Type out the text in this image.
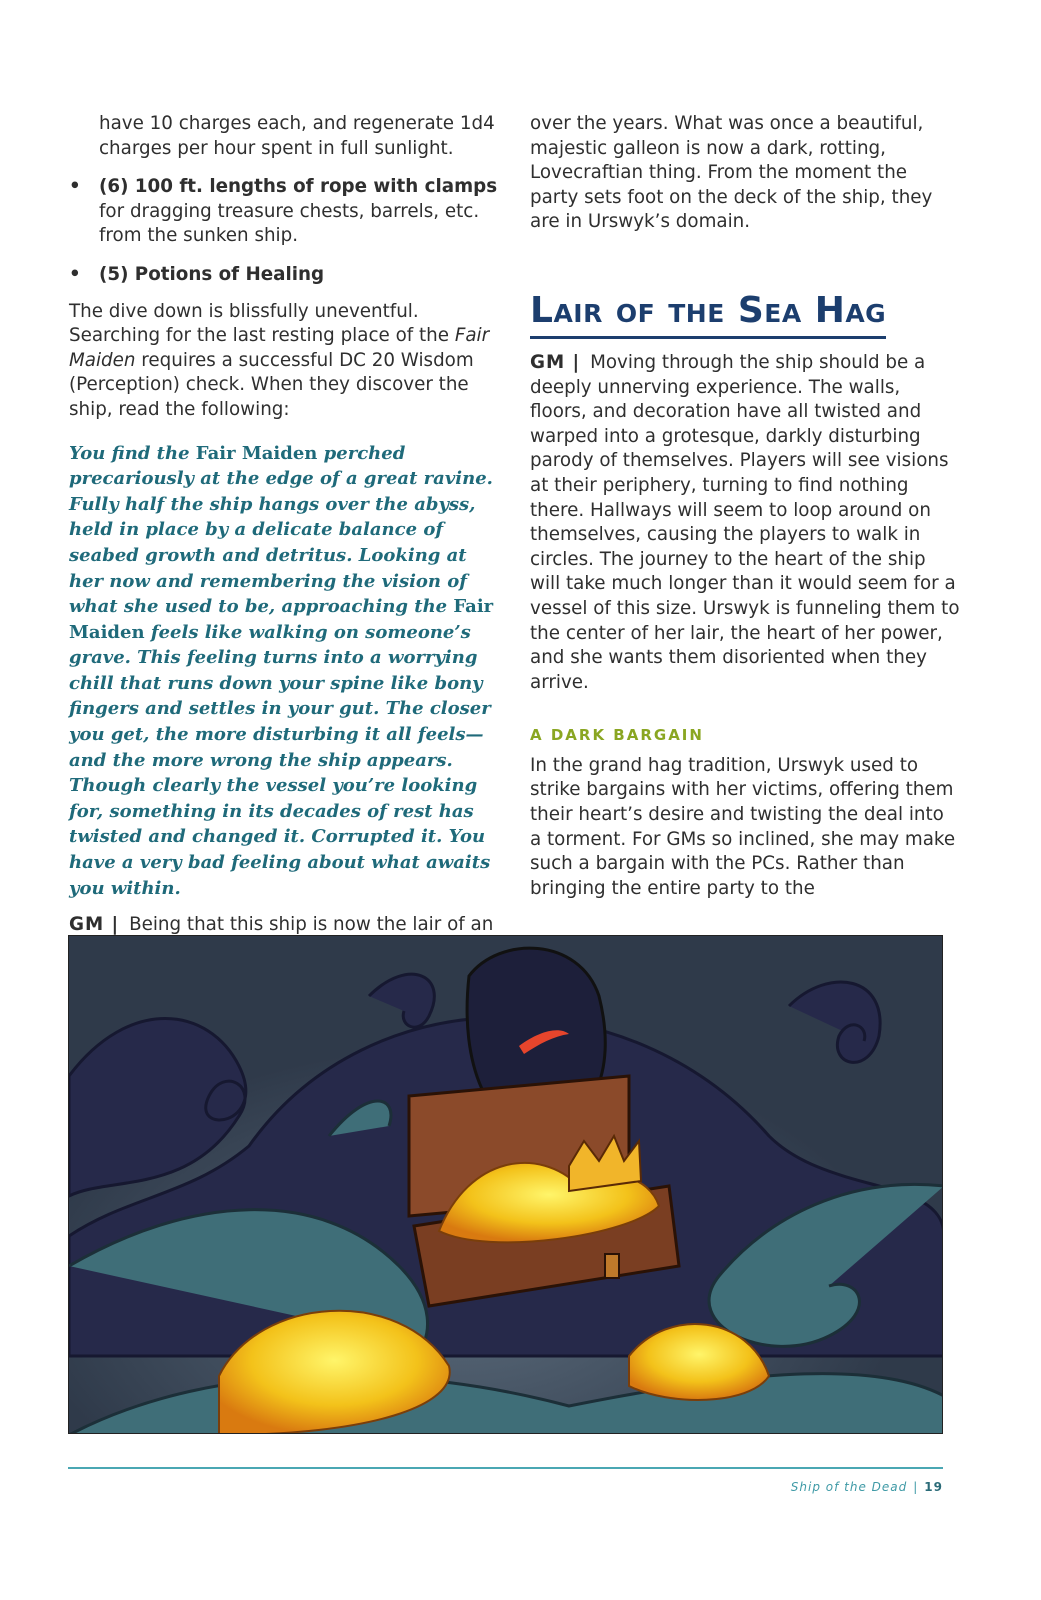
have 10 charges each, and regenerate 1d4 charges per hour spent in full sunlight.

• (6) 100 ft. lengths of rope with clamps for dragging treasure chests, barrels, etc. from the sunken ship.
• (5) Potions of Healing

The dive down is blissfully uneventful. Searching for the last resting place of the Fair Maiden requires a successful DC 20 Wisdom (Perception) check. When they discover the ship, read the following:

You find the Fair Maiden perched precariously at the edge of a great ravine. Fully half the ship hangs over the abyss, held in place by a delicate balance of seabed growth and detritus. Looking at her now and remembering the vision of what she used to be, approaching the Fair Maiden feels like walking on someone’s grave. This feeling turns into a worrying chill that runs down your spine like bony fingers and settles in your gut. The closer you get, the more disturbing it all feels—and the more wrong the ship appears. Though clearly the vessel you’re looking for, something in its decades of rest has twisted and changed it. Corrupted it. You have a very bad feeling about what awaits you within.

GM | Being that this ship is now the lair of an

over the years. What was once a beautiful, majestic galleon is now a dark, rotting, Lovecraftian thing. From the moment the party sets foot on the deck of the ship, they are in Urswyk’s domain.

Lair of the Sea Hag

GM | Moving through the ship should be a deeply unnerving experience. The walls, floors, and decoration have all twisted and warped into a grotesque, darkly disturbing parody of themselves. Players will see visions at their periphery, turning to find nothing there. Hallways will seem to loop around on themselves, causing the players to walk in circles. The journey to the heart of the ship will take much longer than it would seem for a vessel of this size. Urswyk is funneling them to the center of her lair, the heart of her power, and she wants them disoriented when they arrive.

A DARK BARGAIN

In the grand hag tradition, Urswyk used to strike bargains with her victims, offering them their heart’s desire and twisting the deal into a torment. For GMs so inclined, she may make such a bargain with the PCs. Rather than bringing the entire party to the

Ship of the Dead | 19
